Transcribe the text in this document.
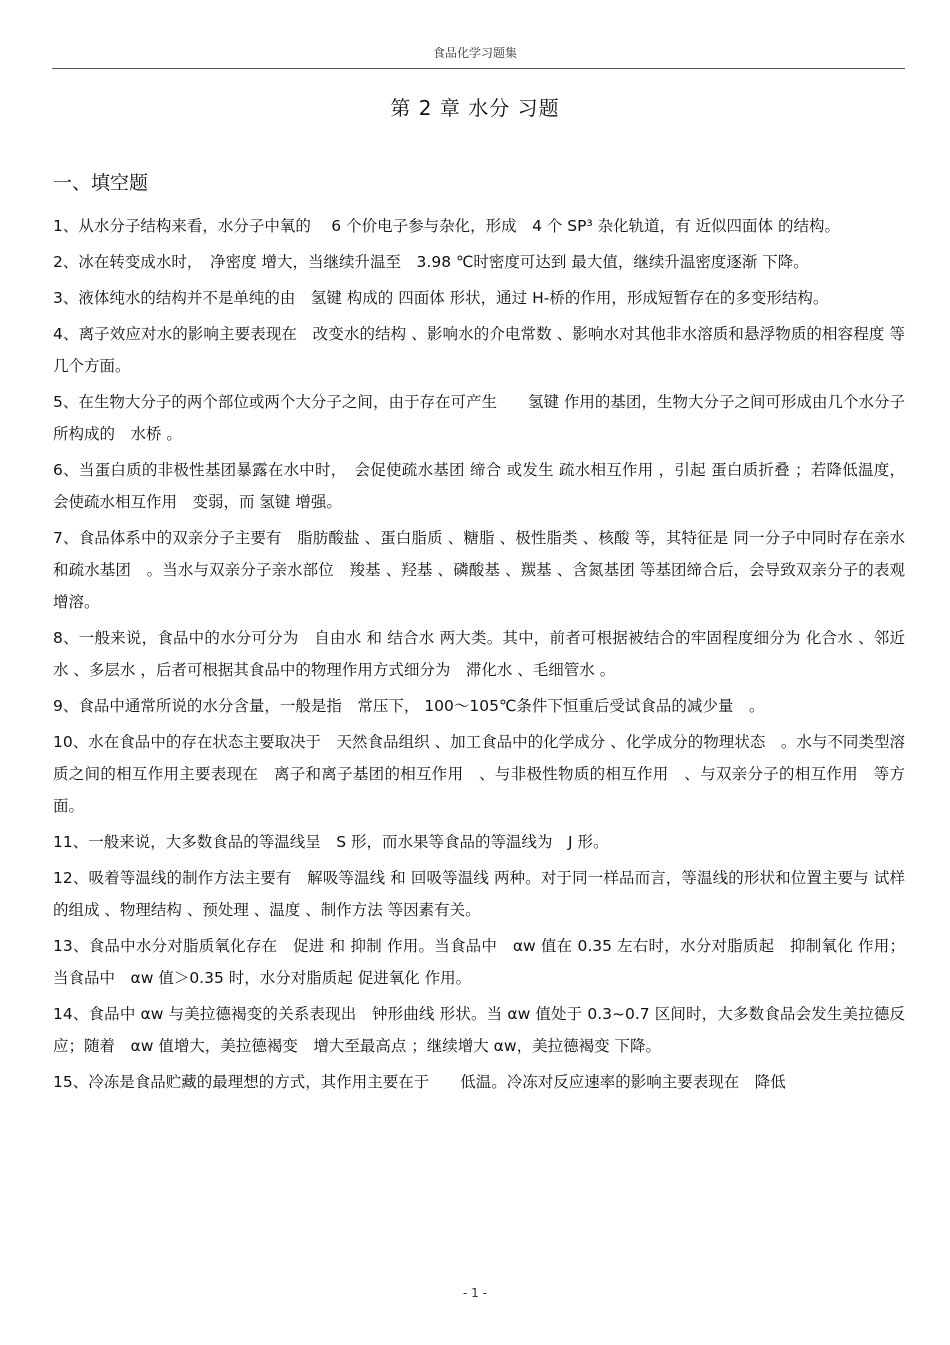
食品化学习题集
第 2 章 水分 习题
一、填空题

1、从水分子结构来看，水分子中氧的　 6 个价电子参与杂化，形成　4 个 SP³ 杂化轨道，有 近似四面体 的结构。

2、冰在转变成水时，　净密度 增大，当继续升温至　3.98 ℃时密度可达到 最大值，继续升温密度逐渐 下降。

3、液体纯水的结构并不是单纯的由　氢键 构成的 四面体 形状，通过 H-桥的作用，形成短暂存在的多变形结构。

4、离子效应对水的影响主要表现在　改变水的结构 、影响水的介电常数 、影响水对其他非水溶质和悬浮物质的相容程度 等几个方面。

5、在生物大分子的两个部位或两个大分子之间，由于存在可产生　　氢键 作用的基团，生物大分子之间可形成由几个水分子所构成的　水桥 。

6、当蛋白质的非极性基团暴露在水中时，　会促使疏水基团 缔合 或发生 疏水相互作用 ，引起 蛋白质折叠 ；若降低温度，会使疏水相互作用　变弱，而 氢键 增强。

7、食品体系中的双亲分子主要有　脂肪酸盐 、蛋白脂质 、糖脂 、极性脂类 、核酸 等，其特征是 同一分子中同时存在亲水和疏水基团　。当水与双亲分子亲水部位　羧基 、羟基 、磷酸基 、羰基 、含氮基团 等基团缔合后，会导致双亲分子的表观　增溶。

8、一般来说，食品中的水分可分为　自由水 和 结合水 两大类。其中，前者可根据被结合的牢固程度细分为 化合水 、邻近水 、多层水 ，后者可根据其食品中的物理作用方式细分为　滞化水 、毛细管水 。

9、食品中通常所说的水分含量，一般是指　常压下， 100～105℃条件下恒重后受试食品的减少量　。

10、水在食品中的存在状态主要取决于　天然食品组织 、加工食品中的化学成分 、化学成分的物理状态　。水与不同类型溶质之间的相互作用主要表现在　离子和离子基团的相互作用　、与非极性物质的相互作用　、与双亲分子的相互作用　等方面。

11、一般来说，大多数食品的等温线呈　S 形，而水果等食品的等温线为　J 形。

12、吸着等温线的制作方法主要有　解吸等温线 和 回吸等温线 两种。对于同一样品而言，等温线的形状和位置主要与 试样的组成 、物理结构 、预处理 、温度 、制作方法 等因素有关。

13、食品中水分对脂质氧化存在　促进 和 抑制 作用。当食品中　αw 值在 0.35 左右时，水分对脂质起　抑制氧化 作用；当食品中　αw 值＞0.35 时，水分对脂质起 促进氧化 作用。

14、食品中 αw 与美拉德褐变的关系表现出　钟形曲线 形状。当 αw 值处于 0.3~0.7 区间时，大多数食品会发生美拉德反应；随着　αw 值增大，美拉德褐变　增大至最高点 ；继续增大 αw，美拉德褐变 下降。

15、冷冻是食品贮藏的最理想的方式，其作用主要在于　　低温。冷冻对反应速率的影响主要表现在　降低

- 1 -
